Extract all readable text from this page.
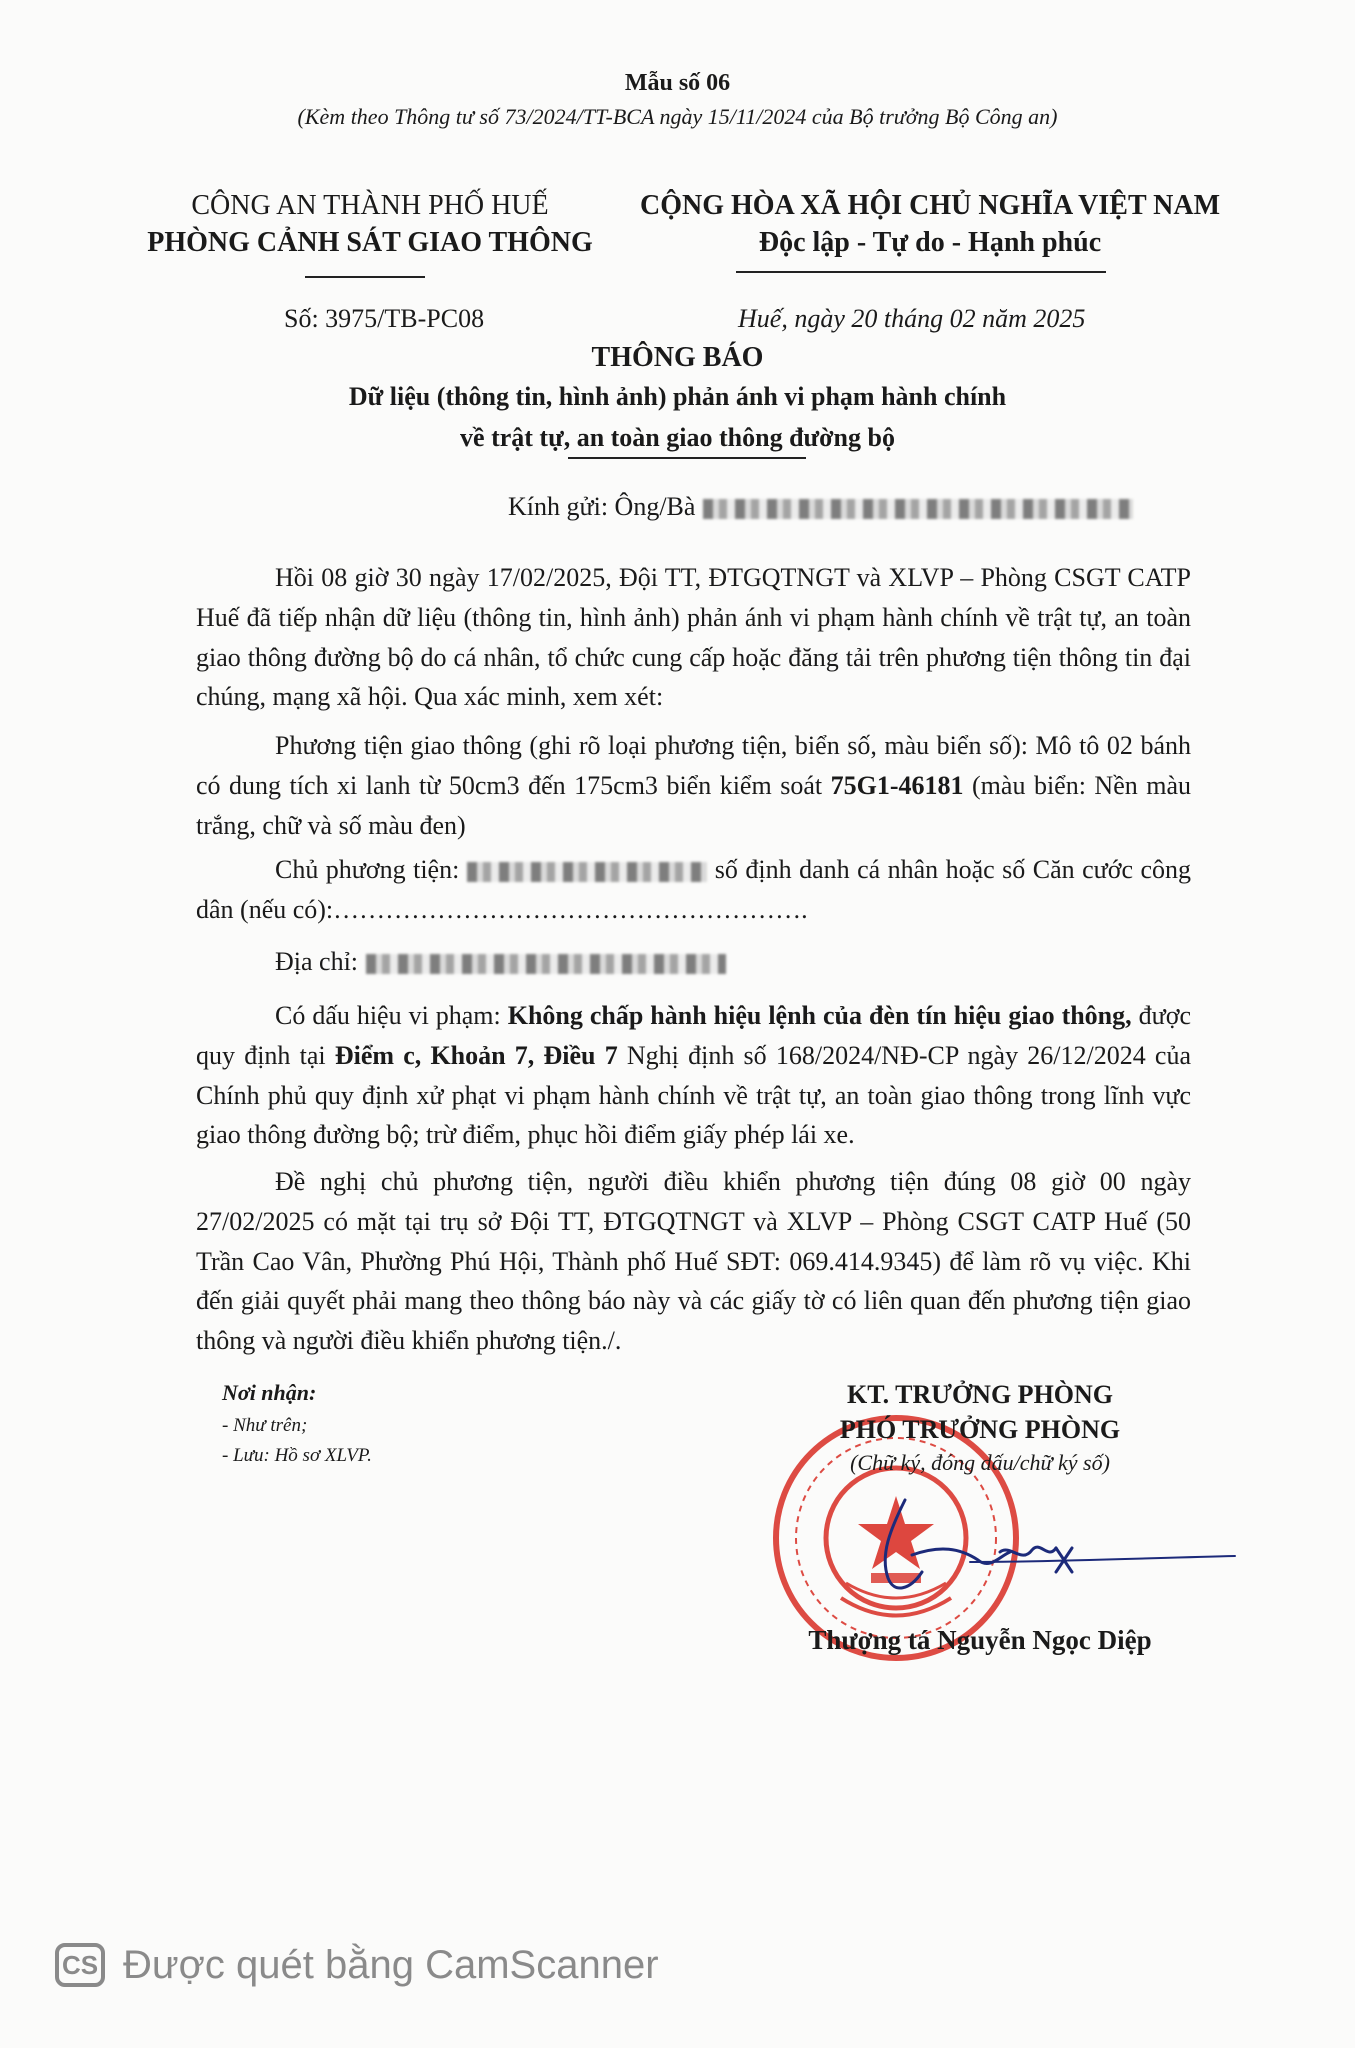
Mẫu số 06
(Kèm theo Thông tư số 73/2024/TT-BCA ngày 15/11/2024 của Bộ trưởng Bộ Công an)
CÔNG AN THÀNH PHỐ HUẾ
PHÒNG CẢNH SÁT GIAO THÔNG
CỘNG HÒA XÃ HỘI CHỦ NGHĨA VIỆT NAM
Độc lập - Tự do - Hạnh phúc
Số: 3975/TB-PC08	Huế, ngày 20 tháng 02 năm 2025
THÔNG BÁO
Dữ liệu (thông tin, hình ảnh) phản ánh vi phạm hành chính
về trật tự, an toàn giao thông đường bộ
Kính gửi: Ông/Bà
Hồi 08 giờ 30 ngày 17/02/2025, Đội TT, ĐTGQTNGT và XLVP – Phòng CSGT CATP Huế đã tiếp nhận dữ liệu (thông tin, hình ảnh) phản ánh vi phạm hành chính về trật tự, an toàn giao thông đường bộ do cá nhân, tổ chức cung cấp hoặc đăng tải trên phương tiện thông tin đại chúng, mạng xã hội. Qua xác minh, xem xét:
Phương tiện giao thông (ghi rõ loại phương tiện, biển số, màu biển số): Mô tô 02 bánh có dung tích xi lanh từ 50cm3 đến 175cm3 biển kiểm soát 75G1-46181 (màu biển: Nền màu trắng, chữ và số màu đen)
Chủ phương tiện:	số định danh cá nhân hoặc số Căn cước công dân (nếu có):……………………………………………….
Địa chỉ:
Có dấu hiệu vi phạm: Không chấp hành hiệu lệnh của đèn tín hiệu giao thông, được quy định tại Điểm c, Khoản 7, Điều 7 Nghị định số 168/2024/NĐ-CP ngày 26/12/2024 của Chính phủ quy định xử phạt vi phạm hành chính về trật tự, an toàn giao thông trong lĩnh vực giao thông đường bộ; trừ điểm, phục hồi điểm giấy phép lái xe.
Đề nghị chủ phương tiện, người điều khiển phương tiện đúng 08 giờ 00 ngày 27/02/2025 có mặt tại trụ sở Đội TT, ĐTGQTNGT và XLVP – Phòng CSGT CATP Huế (50 Trần Cao Vân, Phường Phú Hội, Thành phố Huế SĐT: 069.414.9345) để làm rõ vụ việc. Khi đến giải quyết phải mang theo thông báo này và các giấy tờ có liên quan đến phương tiện giao thông và người điều khiển phương tiện./.
Nơi nhận:
- Như trên;
- Lưu: Hồ sơ XLVP.
KT. TRƯỞNG PHÒNG
PHÓ TRƯỞNG PHÒNG
(Chữ ký, đóng dấu/chữ ký số)
Thượng tá Nguyễn Ngọc Diệp
CS Được quét bằng CamScanner
